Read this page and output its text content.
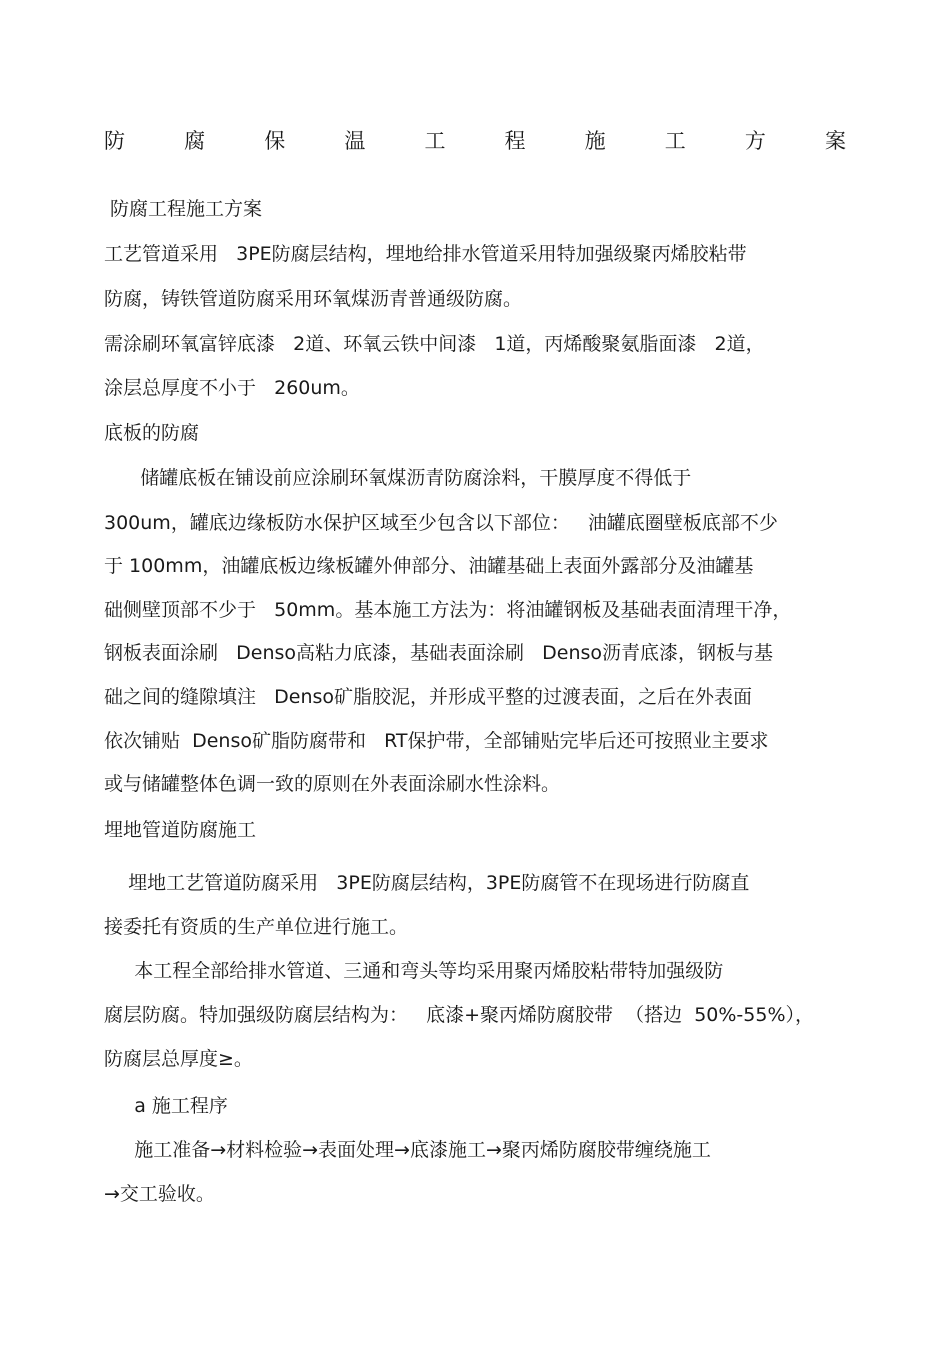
防	腐	保	温	工	程	施	工	方	案

防腐工程施工方案

工艺管道采用   3PE防腐层结构，埋地给排水管道采用特加强级聚丙烯胶粘带

防腐，铸铁管道防腐采用环氧煤沥青普通级防腐。

需涂刷环氧富锌底漆   2道、环氧云铁中间漆   1道，丙烯酸聚氨脂面漆   2道，

涂层总厚度不小于   260um。

底板的防腐

储罐底板在铺设前应涂刷环氧煤沥青防腐涂料，干膜厚度不得低于

300um，罐底边缘板防水保护区域至少包含以下部位：   油罐底圈壁板底部不少

于 100mm，油罐底板边缘板罐外伸部分、油罐基础上表面外露部分及油罐基

础侧壁顶部不少于   50mm。基本施工方法为：将油罐钢板及基础表面清理干净，

钢板表面涂刷   Denso高粘力底漆，基础表面涂刷   Denso沥青底漆，钢板与基

础之间的缝隙填注   Denso矿脂胶泥，并形成平整的过渡表面，之后在外表面

依次铺贴  Denso矿脂防腐带和   RT保护带，全部铺贴完毕后还可按照业主要求

或与储罐整体色调一致的原则在外表面涂刷水性涂料。

埋地管道防腐施工

埋地工艺管道防腐采用   3PE防腐层结构，3PE防腐管不在现场进行防腐直

接委托有资质的生产单位进行施工。

本工程全部给排水管道、三通和弯头等均采用聚丙烯胶粘带特加强级防

腐层防腐。特加强级防腐层结构为：   底漆+聚丙烯防腐胶带  （搭边  50%-55%），

防腐层总厚度≥。

a 施工程序

施工准备→材料检验→表面处理→底漆施工→聚丙烯防腐胶带缠绕施工

→交工验收。
